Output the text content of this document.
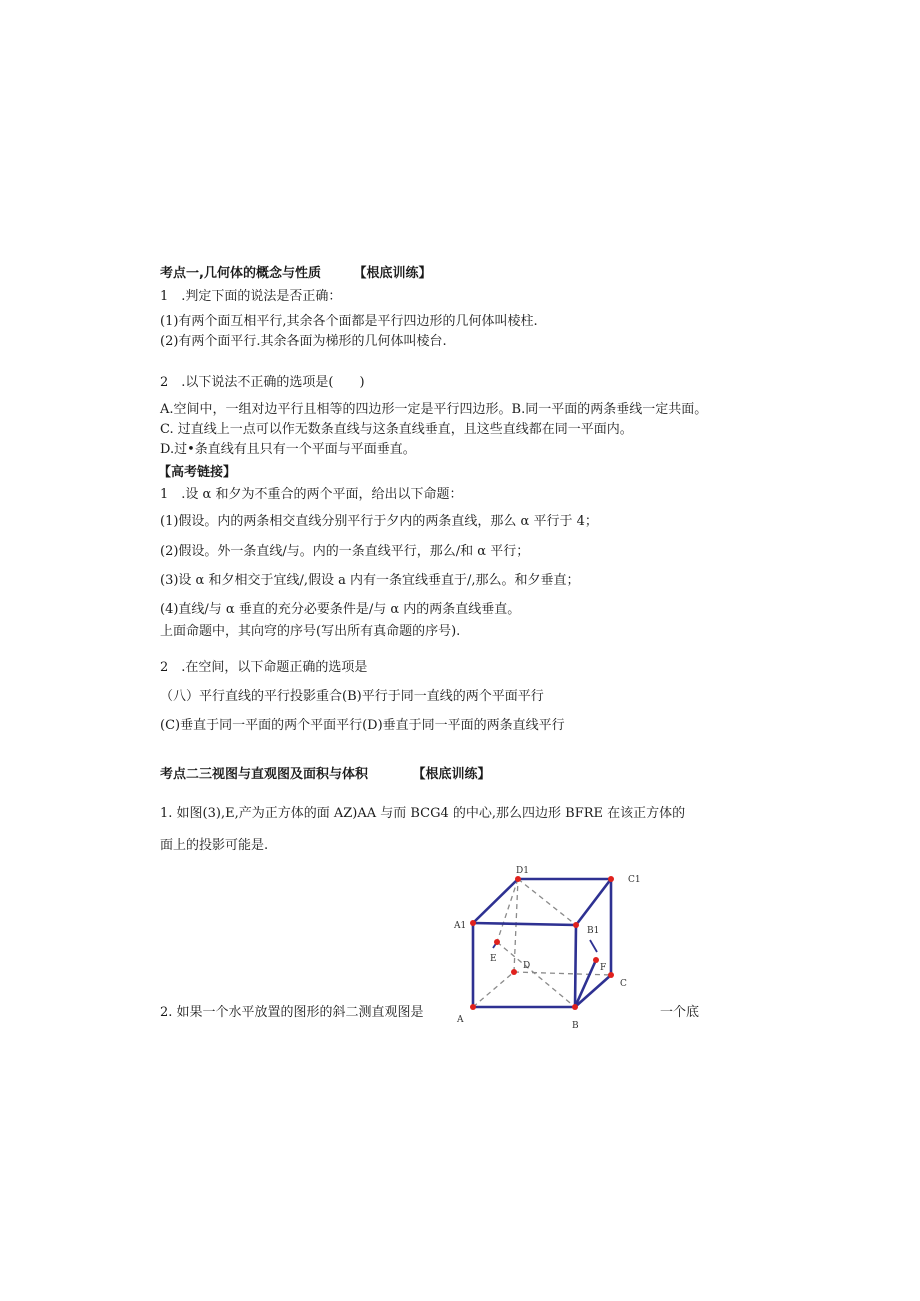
考点一,几何体的概念与性质	【根底训练】
1　.判定下面的说法是否正确：
(1)有两个面互相平行,其余各个面都是平行四边形的几何体叫棱柱.
(2)有两个面平行.其余各面为梯形的几何体叫棱台.
2　.以下说法不正确的选项是(　　)
A.空间中，一组对边平行且相等的四边形一定是平行四边形。B.同一平面的两条垂线一定共面。
C. 过直线上一点可以作无数条直线与这条直线垂直，且这些直线都在同一平面内。
D.过•条直线有且只有一个平面与平面垂直。
【高考链接】
1　.设 α 和夕为不重合的两个平面，给出以下命题：
(1)假设。内的两条相交直线分别平行于夕内的两条直线，那么 α 平行于 4；
(2)假设。外一条直线/与。内的一条直线平行，那么/和 α 平行；
(3)设 α 和夕相交于宜线/,假设 a 内有一条宜线垂直于/,那么。和夕垂直；
(4)直线/与 α 垂直的充分必要条件是/与 α 内的两条直线垂直。
上面命题中，其向穹的序号(写出所有真命题的序号).
2　.在空间，以下命题正确的选项是
（八）平行直线的平行投影重合(B)平行于同一直线的两个平面平行
(C)垂直于同一平面的两个平面平行(D)垂直于同一平面的两条直线平行
考点二三视图与直观图及面积与体积	【根底训练】
1. 如图(3),E,产为正方体的面 AZ)AA 与而 BCG4 的中心,那么四边形 BFRE 在该正方体的
面上的投影可能是.
2. 如果一个水平放置的图形的斜二测直观图是	一个底
D1
C1
A1	B1
E
D	F
C
A
B
